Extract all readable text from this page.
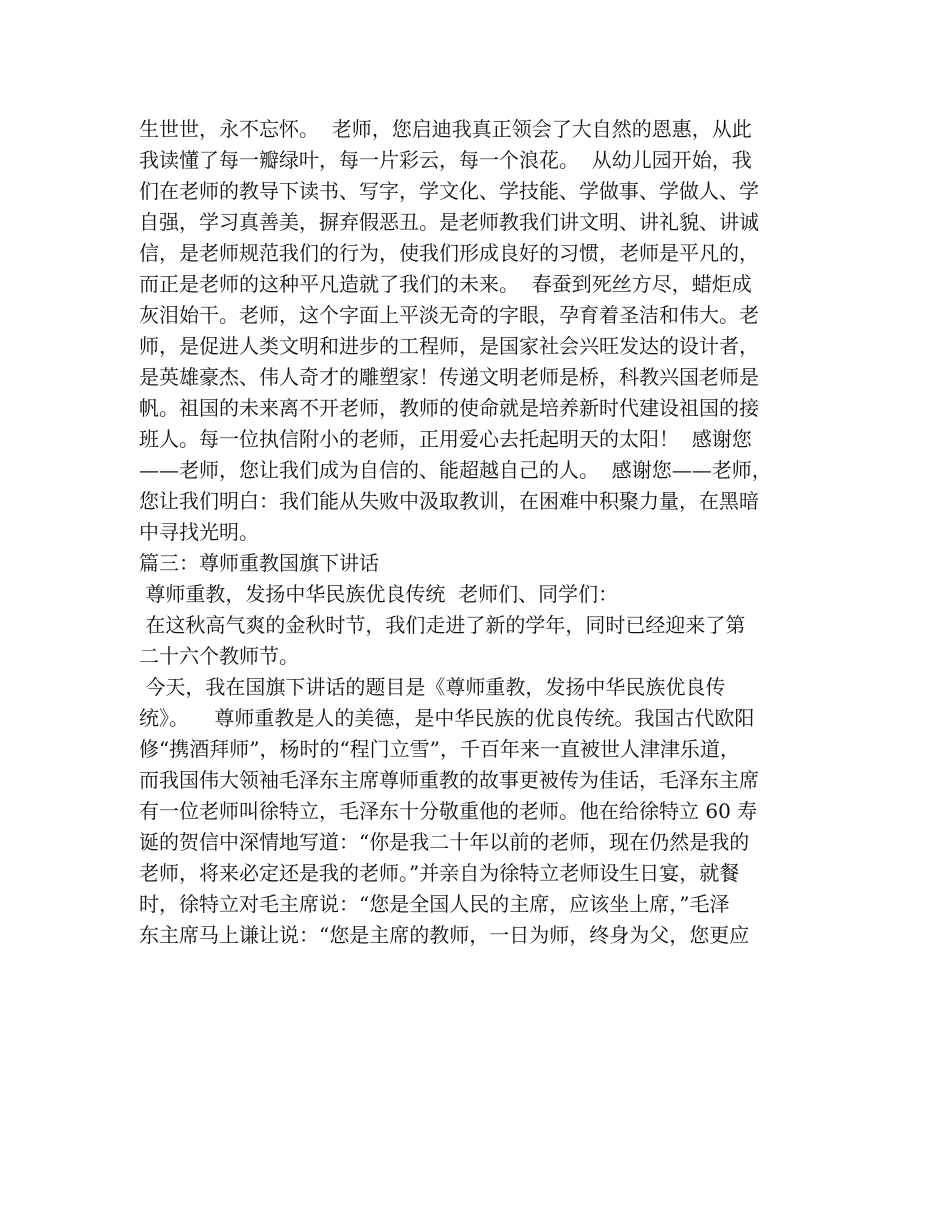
生世世，永不忘怀。  老师，您启迪我真正领会了大自然的恩惠，从此
我读懂了每一瓣绿叶，每一片彩云，每一个浪花。  从幼儿园开始，我
们在老师的教导下读书、写字，学文化、学技能、学做事、学做人、学
自强，学习真善美，摒弃假恶丑。是老师教我们讲文明、讲礼貌、讲诚
信，是老师规范我们的行为，使我们形成良好的习惯，老师是平凡的，
而正是老师的这种平凡造就了我们的未来。  春蚕到死丝方尽，蜡炬成
灰泪始干。老师，这个字面上平淡无奇的字眼，孕育着圣洁和伟大。老
师，是促进人类文明和进步的工程师，是国家社会兴旺发达的设计者，
是英雄豪杰、伟人奇才的雕塑家！传递文明老师是桥，科教兴国老师是
帆。祖国的未来离不开老师，教师的使命就是培养新时代建设祖国的接
班人。每一位执信附小的老师，正用爱心去托起明天的太阳！  感谢您
——老师，您让我们成为自信的、能超越自己的人。  感谢您——老师，
您让我们明白：我们能从失败中汲取教训，在困难中积聚力量，在黑暗
中寻找光明。
篇三：尊师重教国旗下讲话
尊师重教，发扬中华民族优良传统  老师们、同学们：
在这秋高气爽的金秋时节，我们走进了新的学年，同时已经迎来了第
二十六个教师节。
今天，我在国旗下讲话的题目是《尊师重教，发扬中华民族优良传
统》。    尊师重教是人的美德，是中华民族的优良传统。我国古代欧阳
修“携酒拜师”，杨时的“程门立雪”，千百年来一直被世人津津乐道，
而我国伟大领袖毛泽东主席尊师重教的故事更被传为佳话，毛泽东主席
有一位老师叫徐特立，毛泽东十分敬重他的老师。他在给徐特立 60 寿
诞的贺信中深情地写道：“你是我二十年以前的老师，现在仍然是我的
老师，将来必定还是我的老师。”并亲自为徐特立老师设生日宴，就餐
时，徐特立对毛主席说：“您是全国人民的主席，应该坐上席，”毛泽
东主席马上谦让说：“您是主席的教师，一日为师，终身为父，您更应
